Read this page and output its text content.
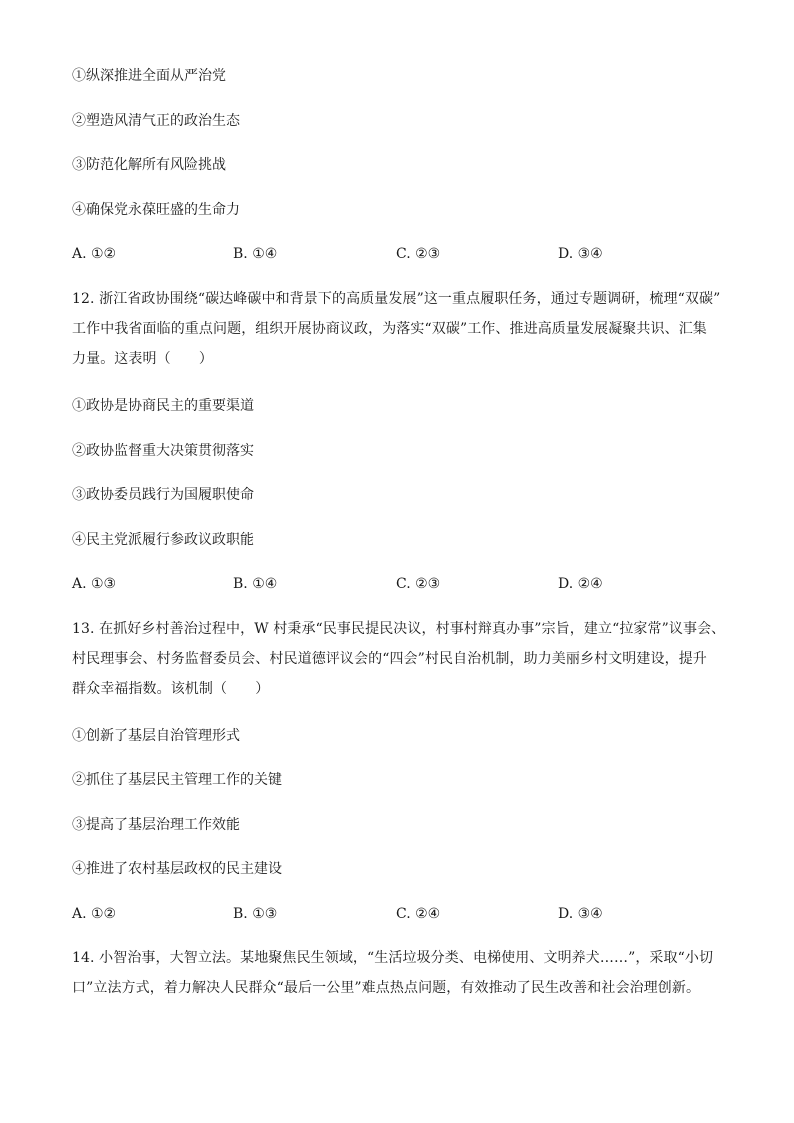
①纵深推进全面从严治党
②塑造风清气正的政治生态
③防范化解所有风险挑战
④确保党永葆旺盛的生命力
A. ①②	B. ①④	C. ②③	D. ③④
12. 浙江省政协围绕“碳达峰碳中和背景下的高质量发展”这一重点履职任务，通过专题调研，梳理“双碳”
工作中我省面临的重点问题，组织开展协商议政，为落实“双碳”工作、推进高质量发展凝聚共识、汇集
力量。这表明（　　）
①政协是协商民主的重要渠道
②政协监督重大决策贯彻落实
③政协委员践行为国履职使命
④民主党派履行参政议政职能
A. ①③	B. ①④	C. ②③	D. ②④
13. 在抓好乡村善治过程中，W 村秉承“民事民提民决议，村事村辩真办事”宗旨，建立“拉家常”议事会、
村民理事会、村务监督委员会、村民道德评议会的“四会”村民自治机制，助力美丽乡村文明建设，提升
群众幸福指数。该机制（　　）
①创新了基层自治管理形式
②抓住了基层民主管理工作的关键
③提高了基层治理工作效能
④推进了农村基层政权的民主建设
A. ①②	B. ①③	C. ②④	D. ③④
14. 小智治事，大智立法。某地聚焦民生领域，“生活垃圾分类、电梯使用、文明养犬……”，采取“小切
口”立法方式，着力解决人民群众“最后一公里”难点热点问题，有效推动了民生改善和社会治理创新。
